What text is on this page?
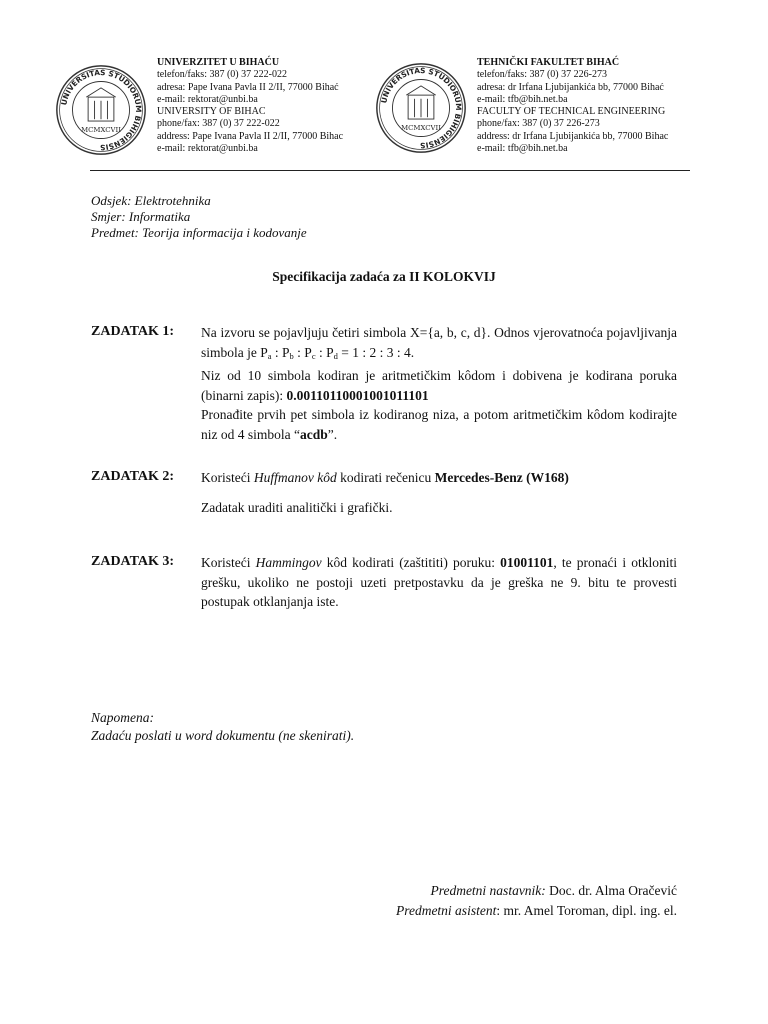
UNIVERSITAS STUDIORUM BIHIGIENSIS
MCMXCVII
UNIVERZITET U BIHAĆU
telefon/faks: 387 (0) 37 222-022
adresa: Pape Ivana Pavla II 2/II, 77000 Bihać
e-mail: rektorat@unbi.ba
UNIVERSITY OF BIHAC
phone/fax: 387 (0) 37 222-022
address: Pape Ivana Pavla II 2/II, 77000 Bihac
e-mail: rektorat@unbi.ba
UNIVERSITAS STUDIORUM BIHIGIENSIS
MCMXCVII
TEHNIČKI FAKULTET BIHAĆ
telefon/faks: 387 (0) 37 226-273
adresa: dr Irfana Ljubijankića bb, 77000 Bihać
e-mail: tfb@bih.net.ba
FACULTY OF TECHNICAL ENGINEERING
phone/fax: 387 (0) 37 226-273
address: dr Irfana Ljubijankića bb, 77000 Bihac
e-mail: tfb@bih.net.ba
Odsjek: Elektrotehnika
Smjer: Informatika
Predmet: Teorija informacija i kodovanje
Specifikacija zadaća za II KOLOKVIJ
ZADATAK 1: Na izvoru se pojavljuju četiri simbola X={a, b, c, d}. Odnos vjerovatnoća pojavljivanja simbola je $P_a$ : $P_b$ : $P_c$ : $P_d = 1$ : 2 : 3 : 4.

Niz od 10 simbola kodiran je aritmetičkim kôdom i dobivena je kodirana poruka (binarni zapis): 0.00110110001001011101

Pronađite prvih pet simbola iz kodiranog niza, a potom aritmetičkim kôdom kodirajte niz od 4 simbola “acdb”.

ZADATAK 2: Koristeći Huffmanov kôd kodirati rečenicu Mercedes-Benz (W168)

Zadatak uraditi analitički i grafički.

ZADATAK 3: Koristeći Hammingov kôd kodirati (zaštititi) poruku: 01001101, te pronaći i otkloniti grešku, ukoliko ne postoji uzeti pretpostavku da je greška ne 9. bitu te provesti postupak otklanjanja iste.

Napomena:
Zadaću poslati u word dokumentu (ne skenirati).
Predmetni nastavnik: Doc. dr. Alma Oračević
Predmetni asistent: mr. Amel Toroman, dipl. ing. el.
